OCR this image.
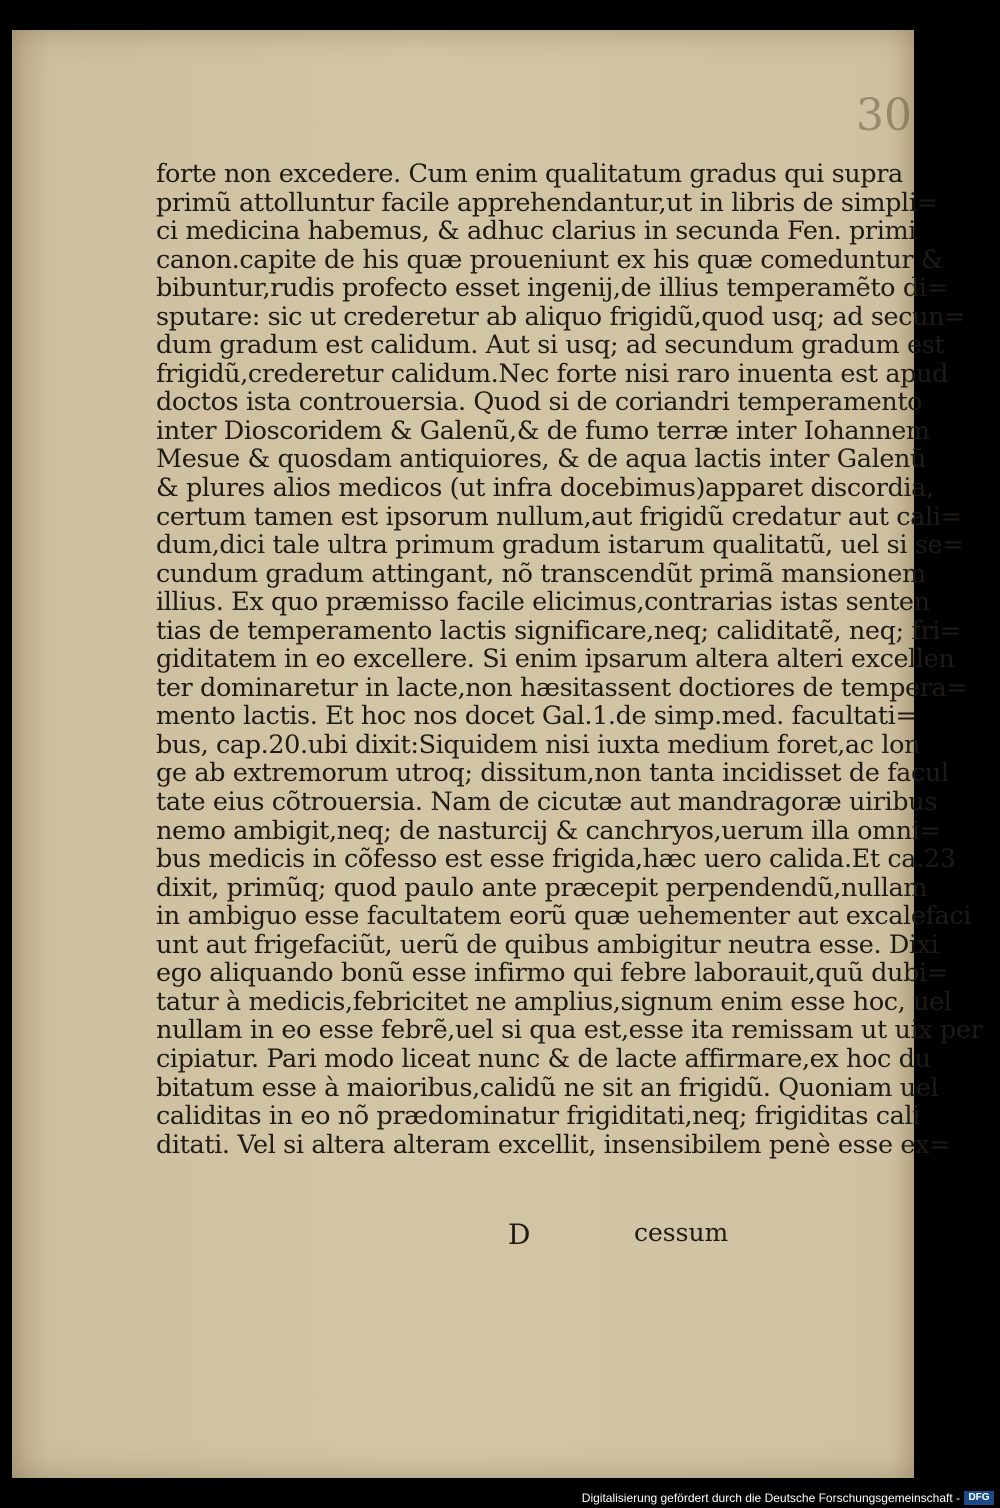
30
forte non excedere. Cum enim qualitatum gradus qui supra
primũ attolluntur facile apprehendantur,ut in libris de simpli=
ci medicina habemus, & adhuc clarius in secunda Fen. primi
canon.capite de his quæ proueniunt ex his quæ comeduntur &
bibuntur,rudis profecto esset ingenij,de illius temperamẽto di=
sputare: sic ut crederetur ab aliquo frigidũ,quod usq; ad secun=
dum gradum est calidum. Aut si usq; ad secundum gradum est
frigidũ,crederetur calidum.Nec forte nisi raro inuenta est apud
doctos ista controuersia. Quod si de coriandri temperamento
inter Dioscoridem & Galenũ,& de fumo terræ inter Iohannem
Mesue & quosdam antiquiores, & de aqua lactis inter Galenũ
& plures alios medicos (ut infra docebimus)apparet discordia,
certum tamen est ipsorum nullum,aut frigidũ credatur aut cali=
dum,dici tale ultra primum gradum istarum qualitatũ, uel si se=
cundum gradum attingant, nõ transcendũt primã mansionem
illius. Ex quo præmisso facile elicimus,contrarias istas senten
tias de temperamento lactis significare,neq; caliditatẽ, neq; fri=
giditatem in eo excellere. Si enim ipsarum altera alteri excellen
ter dominaretur in lacte,non hæsitassent doctiores de tempera=
mento lactis. Et hoc nos docet Gal.1.de simp.med. facultati=
bus, cap.20.ubi dixit:Siquidem nisi iuxta medium foret,ac lon
ge ab extremorum utroq; dissitum,non tanta incidisset de facul
tate eius cõtrouersia. Nam de cicutæ aut mandragoræ uiribus
nemo ambigit,neq; de nasturcij & canchryos,uerum illa omni=
bus medicis in cõfesso est esse frigida,hæc uero calida.Et ca.23
dixit, primũq; quod paulo ante præcepit perpendendũ,nullam
in ambiguo esse facultatem eorũ quæ uehementer aut excalefaci
unt aut frigefaciũt, uerũ de quibus ambigitur neutra esse. Dixi
ego aliquando bonũ esse infirmo qui febre laborauit,quũ dubi=
tatur à medicis,febricitet ne amplius,signum enim esse hoc, uel
nullam in eo esse febrẽ,uel si qua est,esse ita remissam ut uix per
cipiatur. Pari modo liceat nunc & de lacte affirmare,ex hoc du
bitatum esse à maioribus,calidũ ne sit an frigidũ. Quoniam uel
caliditas in eo nõ prædominatur frigiditati,neq; frigiditas cali
ditati. Vel si altera alteram excellit, insensibilem penè esse ex=
D	cessum
Digitalisierung gefördert durch die Deutsche Forschungsgemeinschaft - DFG
